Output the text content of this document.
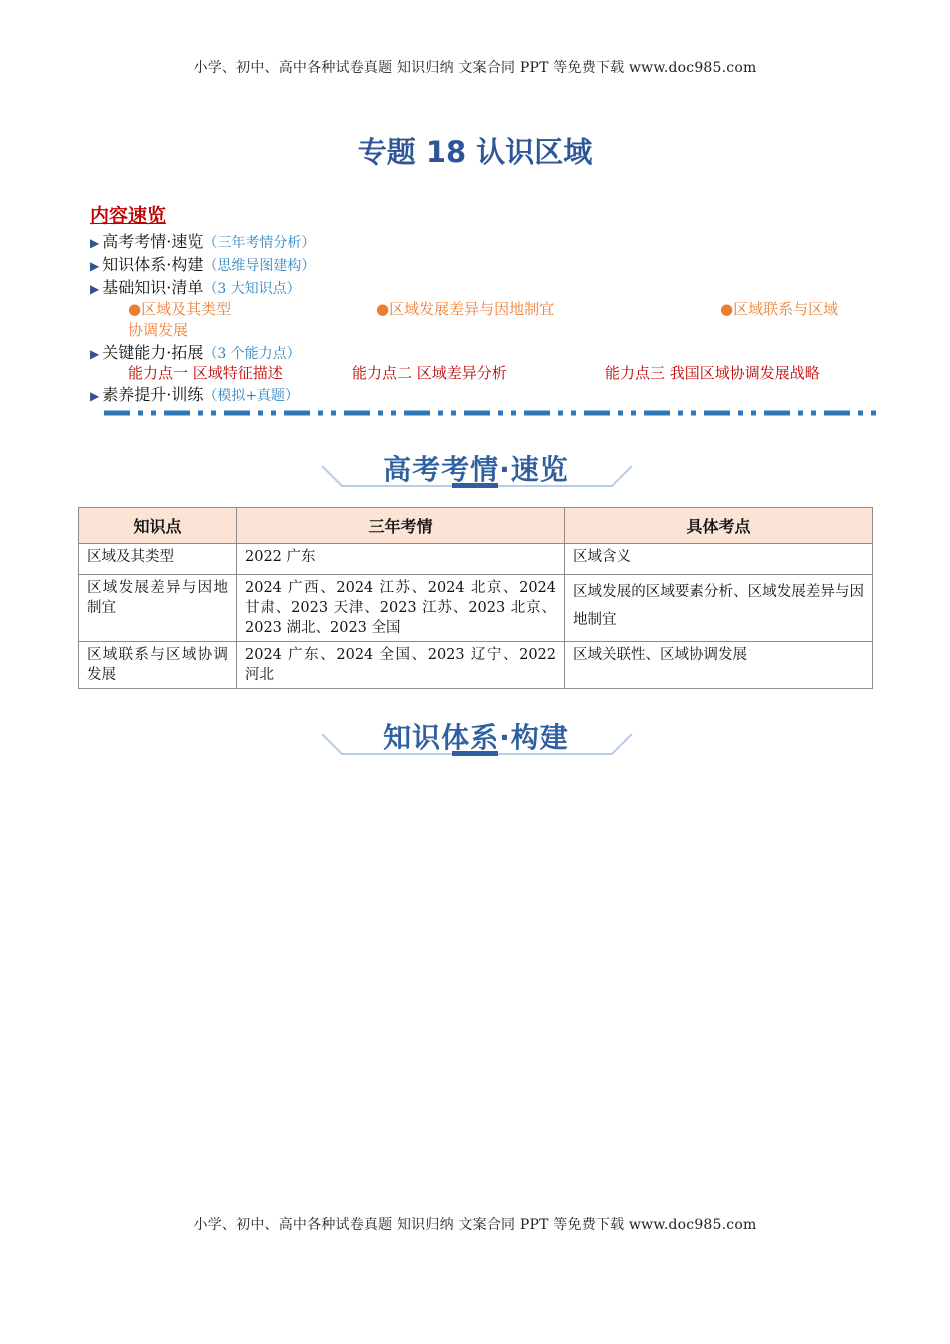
小学、初中、高中各种试卷真题 知识归纳 文案合同 PPT 等免费下载 www.doc985.com
专题 18 认识区域
内容速览
▶ 高考考情·速览（三年考情分析）
▶ 知识体系·构建（思维导图建构）
▶ 基础知识·清单（3 大知识点）
●区域及其类型	●区域发展差异与因地制宜	●区域联系与区域
协调发展
▶ 关键能力·拓展（3 个能力点）
能力点一 区域特征描述	能力点二 区域差异分析	能力点三 我国区域协调发展战略
▶ 素养提升·训练（模拟+真题）
高考考情·速览
知识点	三年考情	具体考点
区域及其类型	2022 广东	区域含义
区域发展差异与因地制宜	2024 广西、2024 江苏、2024 北京、2024 甘肃、2023 天津、2023 江苏、2023 北京、2023 湖北、2023 全国	区域发展的区域要素分析、区域发展差异与因地制宜
区域联系与区域协调发展	2024 广东、2024 全国、2023 辽宁、2022 河北	区域关联性、区域协调发展
知识体系·构建
小学、初中、高中各种试卷真题 知识归纳 文案合同 PPT 等免费下载 www.doc985.com
